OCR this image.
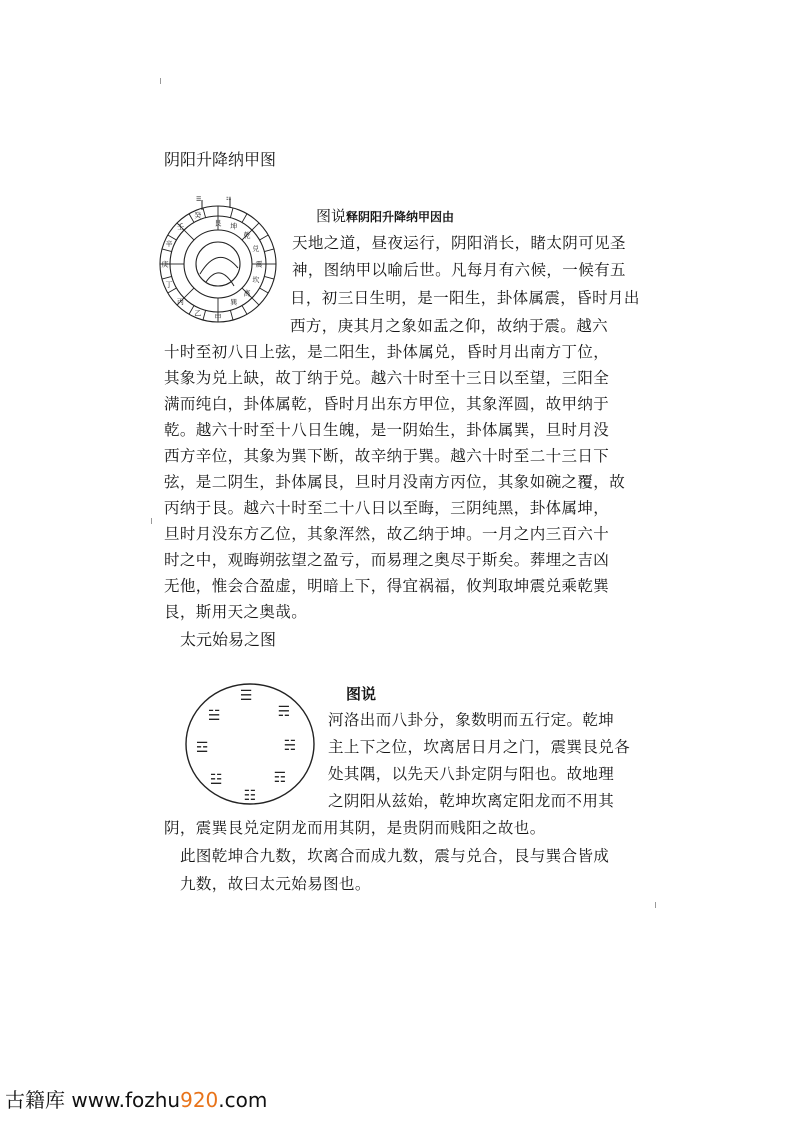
阴阳升降纳甲图
艮 坤
乾
兑
震
坎
离
巽
甲
乙
丙
丁
庚
辛
壬
癸
☰	☷
图说释阴阳升降纳甲因由
天地之道，昼夜运行，阴阳消长，睹太阴可见圣
神，图纳甲以喻后世。凡每月有六候，一候有五
日，初三日生明，是一阳生，卦体属震，昏时月出
西方，庚其月之象如盂之仰，故纳于震。越六
十时至初八日上弦，是二阳生，卦体属兑，昏时月出南方丁位，
其象为兑上缺，故丁纳于兑。越六十时至十三日以至望，三阳全
满而纯白，卦体属乾，昏时月出东方甲位，其象浑圆，故甲纳于
乾。越六十时至十八日生魄，是一阴始生，卦体属巽，旦时月没
西方辛位，其象为巽下断，故辛纳于巽。越六十时至二十三日下
弦，是二阴生，卦体属艮，旦时月没南方丙位，其象如碗之覆，故
丙纳于艮。越六十时至二十八日以至晦，三阴纯黑，卦体属坤，
旦时月没东方乙位，其象浑然，故乙纳于坤。一月之内三百六十
时之中，观晦朔弦望之盈亏，而易理之奥尽于斯矣。葬埋之吉凶
无他，惟会合盈虚，明暗上下，得宜祸福，攸判取坤震兑乘乾巽
艮，斯用天之奥哉。
太元始易之图
☰
☴
☵
☶
☷
☳
☲
☱
图说
河洛出而八卦分，象数明而五行定。乾坤
主上下之位，坎离居日月之门，震巽艮兑各
处其隅，以先天八卦定阴与阳也。故地理
之阴阳从兹始，乾坤坎离定阳龙而不用其
阴，震巽艮兑定阴龙而用其阴，是贵阴而贱阳之故也。
此图乾坤合九数，坎离合而成九数，震与兑合，艮与巽合皆成
九数，故曰太元始易图也。
古籍库 www.fozhu920.com
